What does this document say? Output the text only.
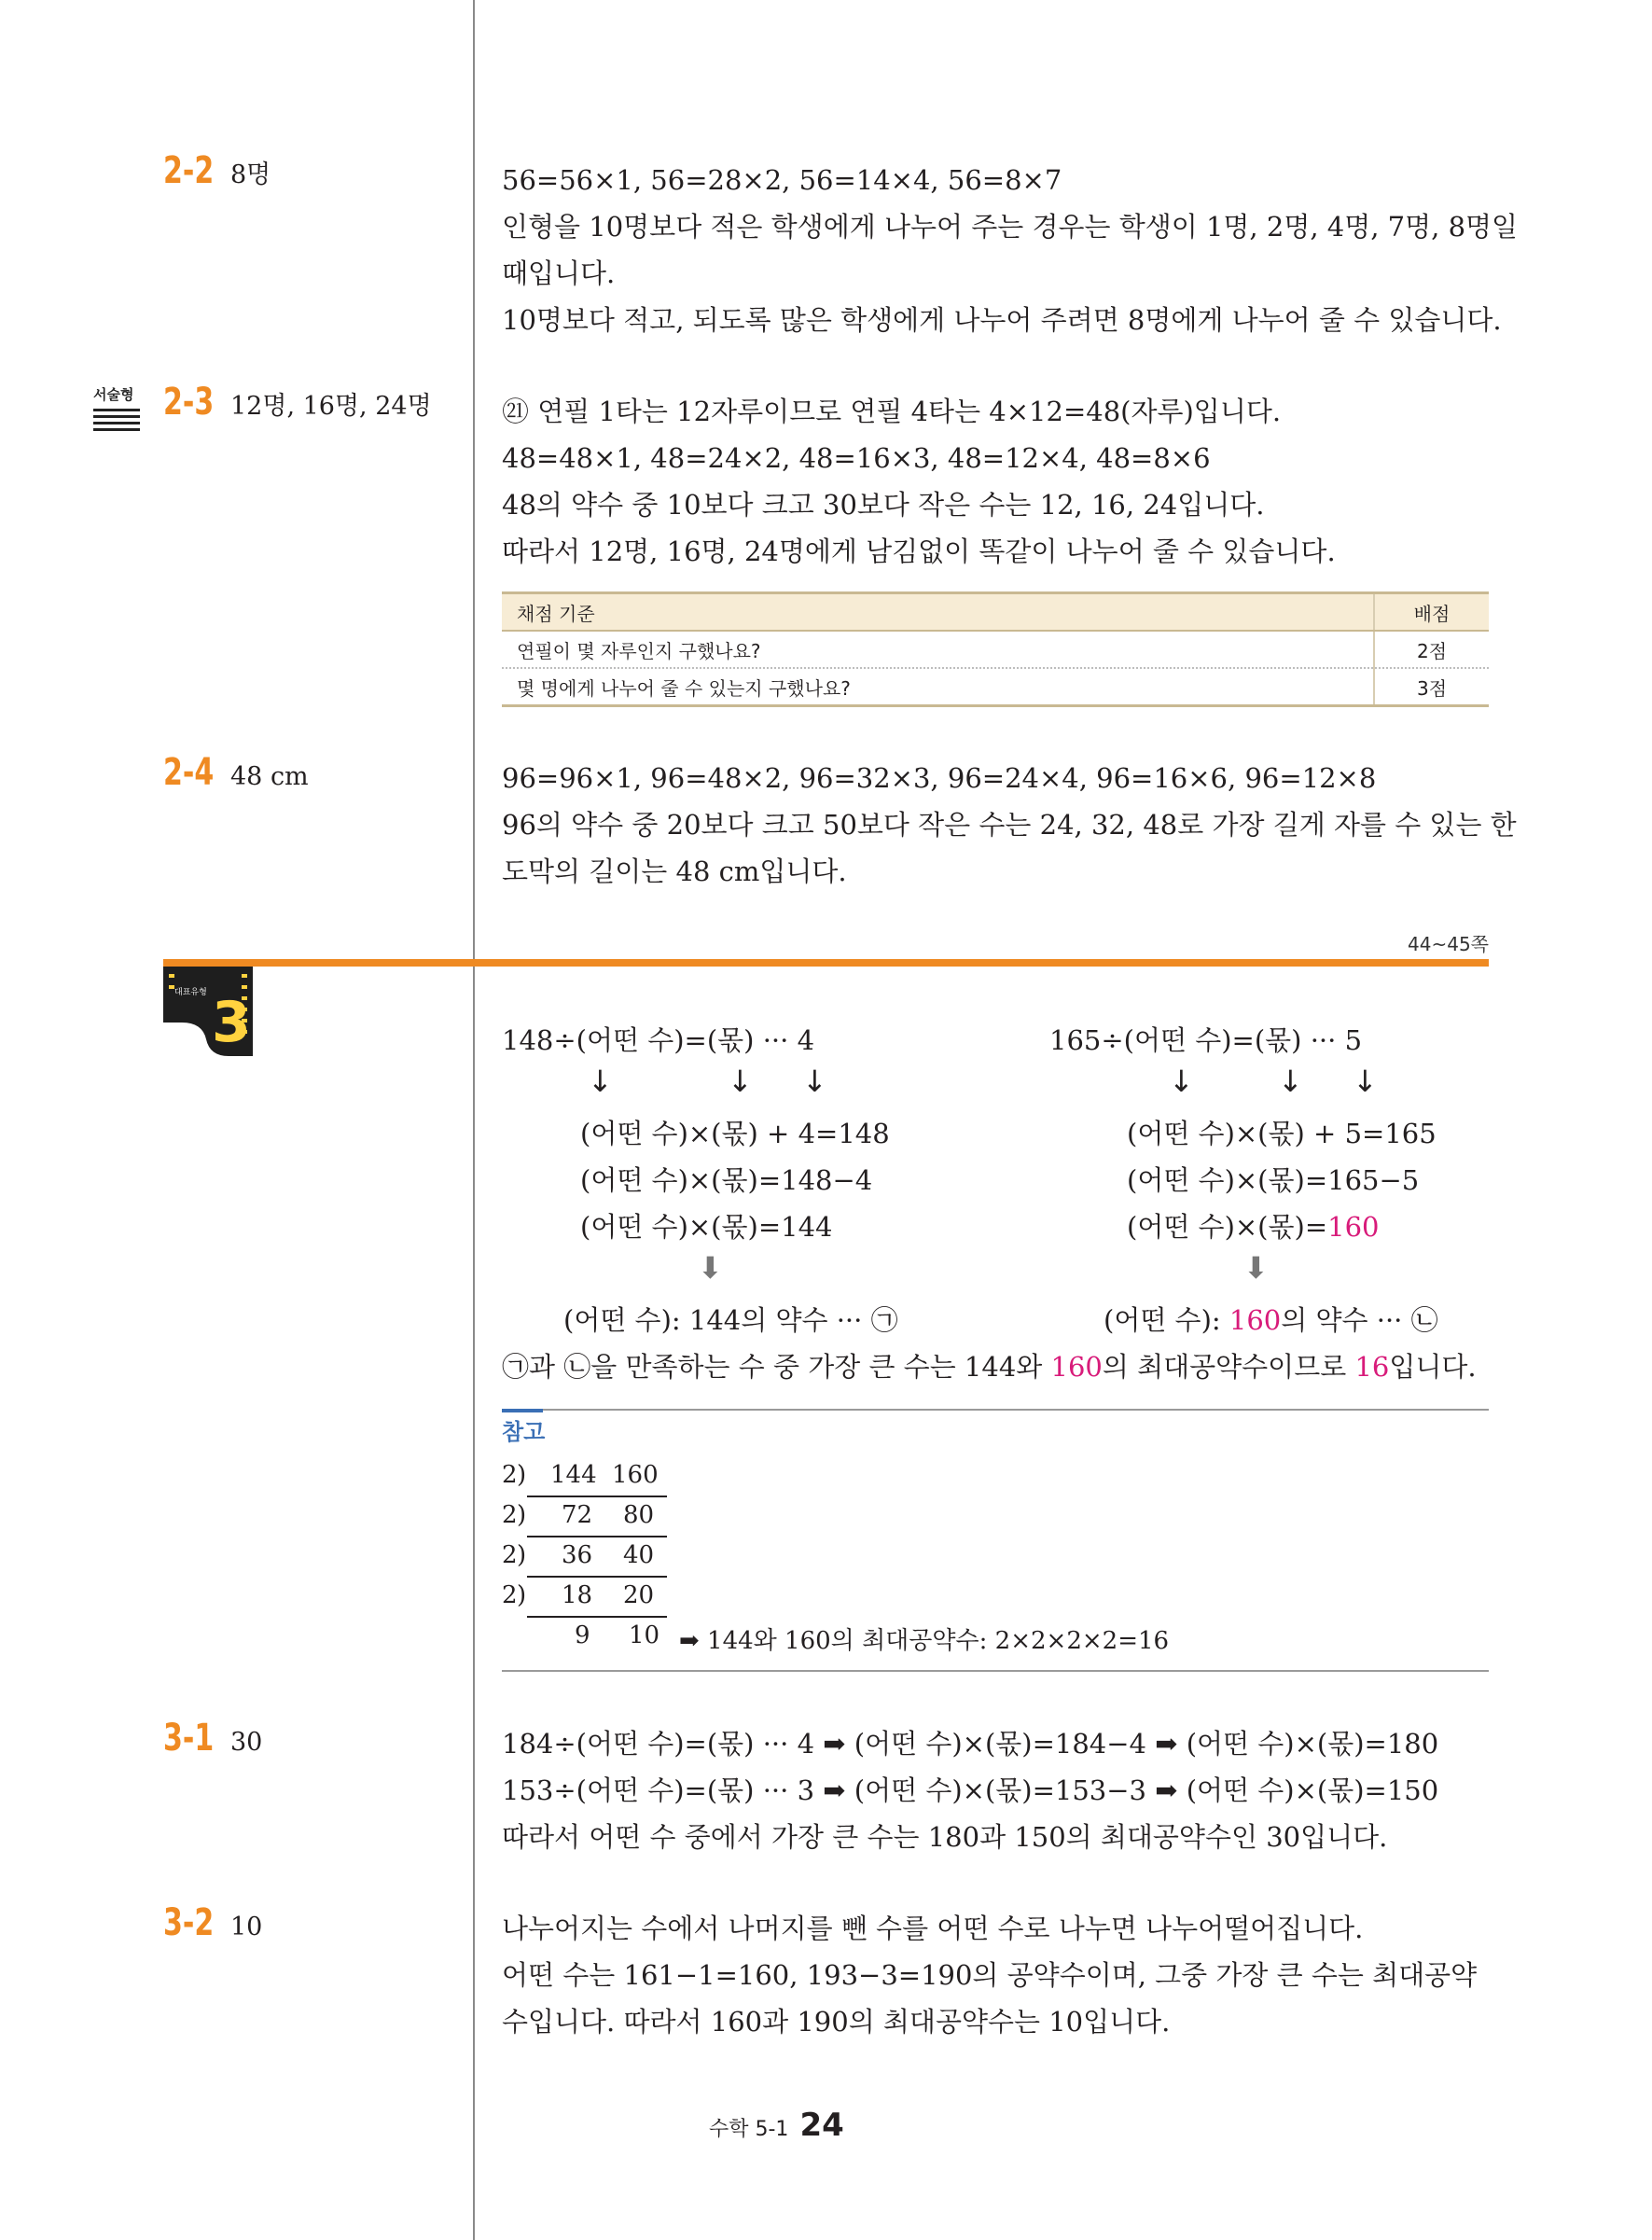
2-2 8명	56=56×1, 56=28×2, 56=14×4, 56=8×7
인형을 10명보다 적은 학생에게 나누어 주는 경우는 학생이 1명, 2명, 4명, 7명, 8명일
때입니다.
10명보다 적고, 되도록 많은 학생에게 나누어 주려면 8명에게 나누어 줄 수 있습니다.
서술형 2-3 12명, 16명, 24명	㉑ 연필 1타는 12자루이므로 연필 4타는 4×12=48(자루)입니다.
48=48×1, 48=24×2, 48=16×3, 48=12×4, 48=8×6
48의 약수 중 10보다 크고 30보다 작은 수는 12, 16, 24입니다.
따라서 12명, 16명, 24명에게 남김없이 똑같이 나누어 줄 수 있습니다.
채점 기준	배점
연필이 몇 자루인지 구했나요?	2점
몇 명에게 나누어 줄 수 있는지 구했나요?	3점
2-4 48 cm	96=96×1, 96=48×2, 96=32×3, 96=24×4, 96=16×6, 96=12×8
96의 약수 중 20보다 크고 50보다 작은 수는 24, 32, 48로 가장 길게 자를 수 있는 한
도막의 길이는 48 cm입니다.
44~45쪽
대표유형 3	148÷(어떤 수)=(몫) ··· 4
↓	↓ ↓
(어떤 수)×(몫) + 4=148
(어떤 수)×(몫)=148−4
(어떤 수)×(몫)=144
⬇
(어떤 수): 144의 약수 ··· ㉠
165÷(어떤 수)=(몫) ··· 5
↓	↓ ↓
(어떤 수)×(몫) + 5=165
(어떤 수)×(몫)=165−5
(어떤 수)×(몫)=160
⬇
(어떤 수): 160의 약수 ··· ㉡
㉠과 ㉡을 만족하는 수 중 가장 큰 수는 144와 160의 최대공약수이므로 16입니다.
참고
2 ) 144 160
2 ) 72 80
2 ) 36 40
2 ) 18 20
9 10 ➡ 144와 160의 최대공약수: 2×2×2×2=16
3-1 30	184÷(어떤 수)=(몫) ··· 4 ➡ (어떤 수)×(몫)=184−4 ➡ (어떤 수)×(몫)=180
153÷(어떤 수)=(몫) ··· 3 ➡ (어떤 수)×(몫)=153−3 ➡ (어떤 수)×(몫)=150
따라서 어떤 수 중에서 가장 큰 수는 180과 150의 최대공약수인 30입니다.
3-2 10	나누어지는 수에서 나머지를 뺀 수를 어떤 수로 나누면 나누어떨어집니다.
어떤 수는 161−1=160, 193−3=190의 공약수이며, 그중 가장 큰 수는 최대공약
수입니다. 따라서 160과 190의 최대공약수는 10입니다.
수학 5-1 24
